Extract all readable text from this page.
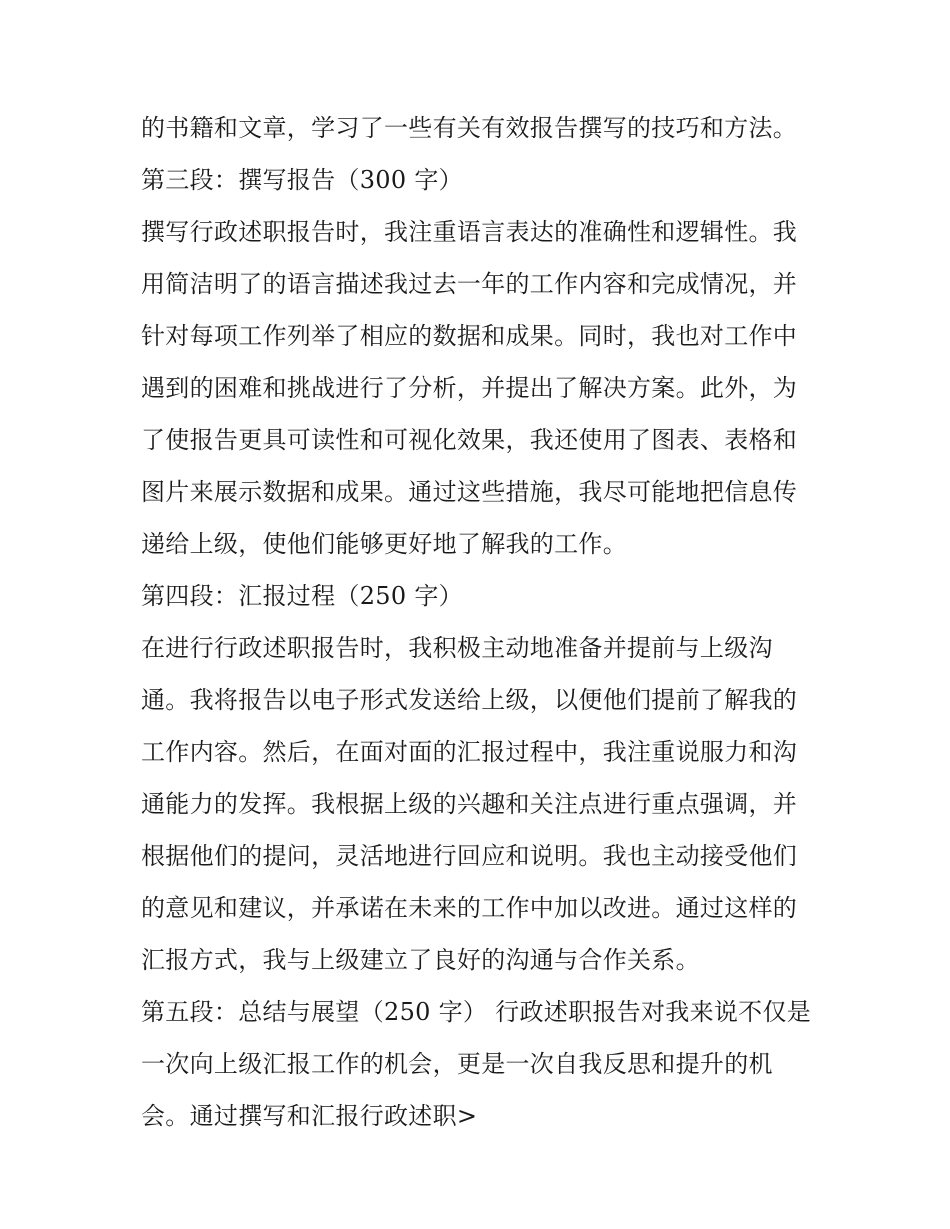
的书籍和文章，学习了一些有关有效报告撰写的技巧和方法。
第三段：撰写报告（300 字）
撰写行政述职报告时，我注重语言表达的准确性和逻辑性。我
用简洁明了的语言描述我过去一年的工作内容和完成情况，并
针对每项工作列举了相应的数据和成果。同时，我也对工作中
遇到的困难和挑战进行了分析，并提出了解决方案。此外，为
了使报告更具可读性和可视化效果，我还使用了图表、表格和
图片来展示数据和成果。通过这些措施，我尽可能地把信息传
递给上级，使他们能够更好地了解我的工作。
第四段：汇报过程（250 字）
在进行行政述职报告时，我积极主动地准备并提前与上级沟
通。我将报告以电子形式发送给上级，以便他们提前了解我的
工作内容。然后，在面对面的汇报过程中，我注重说服力和沟
通能力的发挥。我根据上级的兴趣和关注点进行重点强调，并
根据他们的提问，灵活地进行回应和说明。我也主动接受他们
的意见和建议，并承诺在未来的工作中加以改进。通过这样的
汇报方式，我与上级建立了良好的沟通与合作关系。
第五段：总结与展望（250 字） 行政述职报告对我来说不仅是
一次向上级汇报工作的机会，更是一次自我反思和提升的机
会。通过撰写和汇报行政述职>
